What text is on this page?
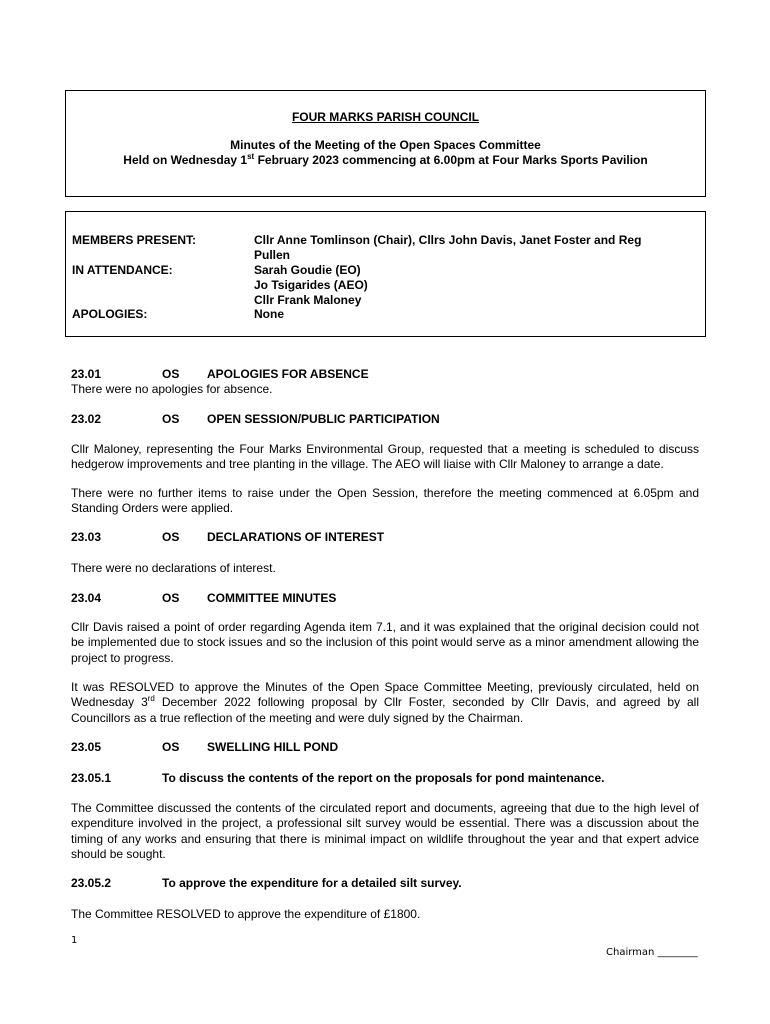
FOUR MARKS PARISH COUNCIL
Minutes of the Meeting of the Open Spaces Committee
Held on Wednesday 1st February 2023 commencing at 6.00pm at Four Marks Sports Pavilion
MEMBERS PRESENT:	Cllr Anne Tomlinson (Chair), Cllrs John Davis, Janet Foster and Reg
Pullen
IN ATTENDANCE:	Sarah Goudie (EO)
Jo Tsigarides (AEO)
Cllr Frank Maloney
APOLOGIES:	None
23.01	OS APOLOGIES FOR ABSENCE
There were no apologies for absence.
23.02	OS OPEN SESSION/PUBLIC PARTICIPATION
Cllr Maloney, representing the Four Marks Environmental Group, requested that a meeting is scheduled to discuss hedgerow improvements and tree planting in the village. The AEO will liaise with Cllr Maloney to arrange a date.
There were no further items to raise under the Open Session, therefore the meeting commenced at 6.05pm and Standing Orders were applied.
23.03	OS DECLARATIONS OF INTEREST
There were no declarations of interest.
23.04	OS COMMITTEE MINUTES
Cllr Davis raised a point of order regarding Agenda item 7.1, and it was explained that the original decision could not be implemented due to stock issues and so the inclusion of this point would serve as a minor amendment allowing the project to progress.
It was RESOLVED to approve the Minutes of the Open Space Committee Meeting, previously circulated, held on Wednesday 3rd December 2022 following proposal by Cllr Foster, seconded by Cllr Davis, and agreed by all Councillors as a true reflection of the meeting and were duly signed by the Chairman.
23.05	OS SWELLING HILL POND
23.05.1	To discuss the contents of the report on the proposals for pond maintenance.
The Committee discussed the contents of the circulated report and documents, agreeing that due to the high level of expenditure involved in the project, a professional silt survey would be essential. There was a discussion about the timing of any works and ensuring that there is minimal impact on wildlife throughout the year and that expert advice should be sought.
23.05.2	To approve the expenditure for a detailed silt survey.
The Committee RESOLVED to approve the expenditure of £1800.
1
Chairman ________
